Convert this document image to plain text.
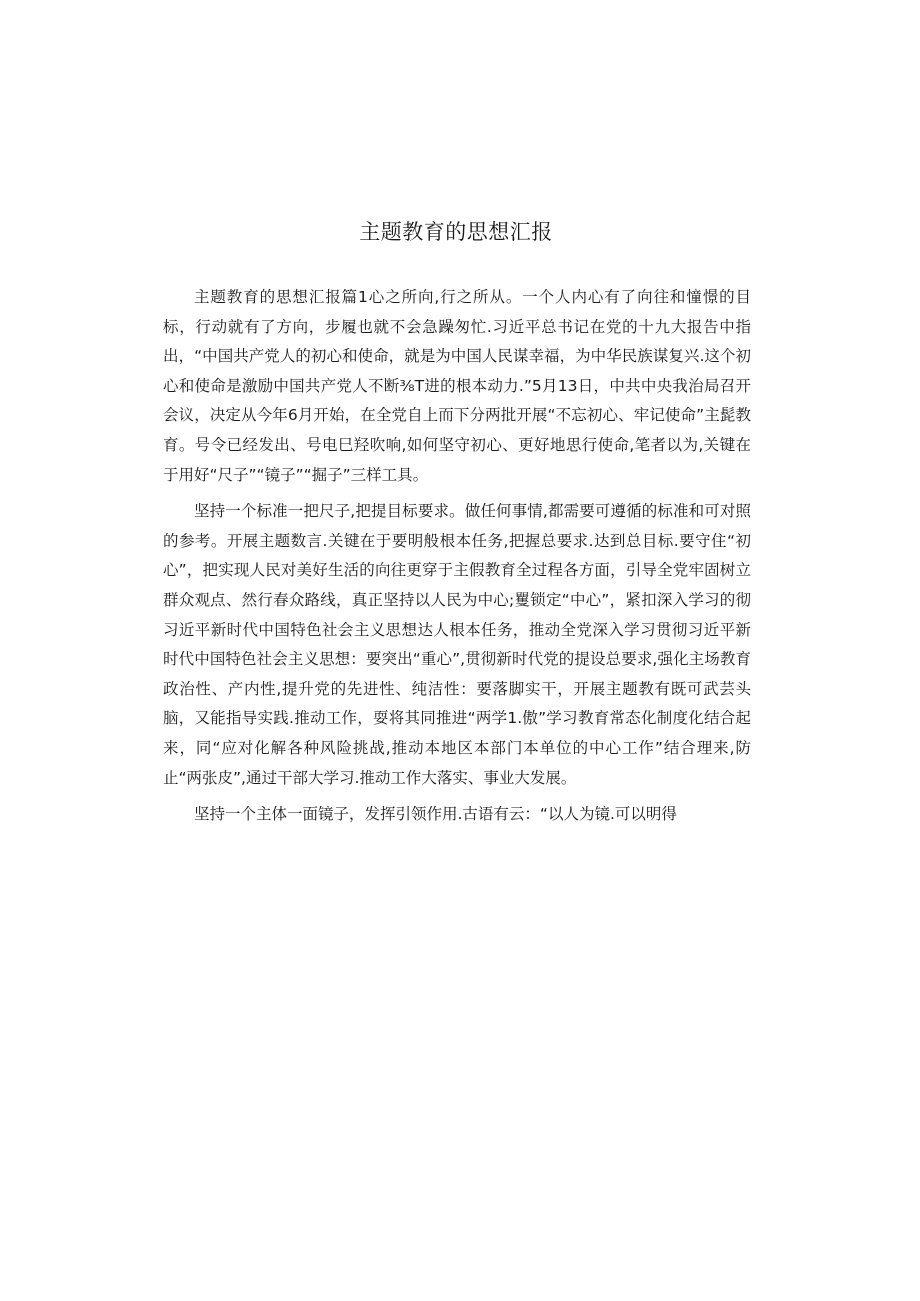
主题教育的思想汇报

主题教育的思想汇报篇1心之所向,行之所从。一个人内心有了向往和憧憬的目标，行动就有了方向，步履也就不会急躁匆忙.习近平总书记在党的十九大报告中指出，“中国共产党人的初心和使命，就是为中国人民谋幸福，为中华民族谋复兴.这个初心和使命是激励中国共产党人不断⅜T进的根本动力.”5月13日，中共中央我治局召开会议，决定从今年6月开始，在全党自上而下分两批开展“不忘初心、牢记使命”主髭教育。号令已经发出、号电巳羟吹响,如何坚守初心、更好地思行使命,笔者以为,关键在于用好“尺子”“镜子”“掘子”三样工具。

坚持一个标准一把尺子,把提目标要求。做任何事情,都需要可遵循的标准和可对照的参考。开展主题数言.关键在于要明般根本任务,把握总要求.达到总目标.要守住“初心”，把实现人民对美好生活的向往更穿于主假教育全过程各方面，引导全党牢固树立群众观点、然行春众路线，真正坚持以人民为中心;矍锁定“中心”，紧扣深入学习的彻习近平新时代中国特色社会主义思想达人根本任务，推动全党深入学习贯彻习近平新时代中国特色社会主义思想：要突出“重心”,贯彻新时代党的提设总要求,强化主场教育政治性、产内性,提升党的先进性、纯洁性：要落脚实干，开展主题教有既可武芸头脑，又能指导实践.推动工作，耍将其同推进“两学1.傲”学习教育常态化制度化结合起来，同“应对化解各种风险挑战,推动本地区本部门本单位的中心工作”结合理来,防止“两张皮”,通过干部大学习.推动工作大落实、事业大发展。

坚持一个主体一面镜子，发挥引领作用.古语有云：“以人为镜.可以明得
